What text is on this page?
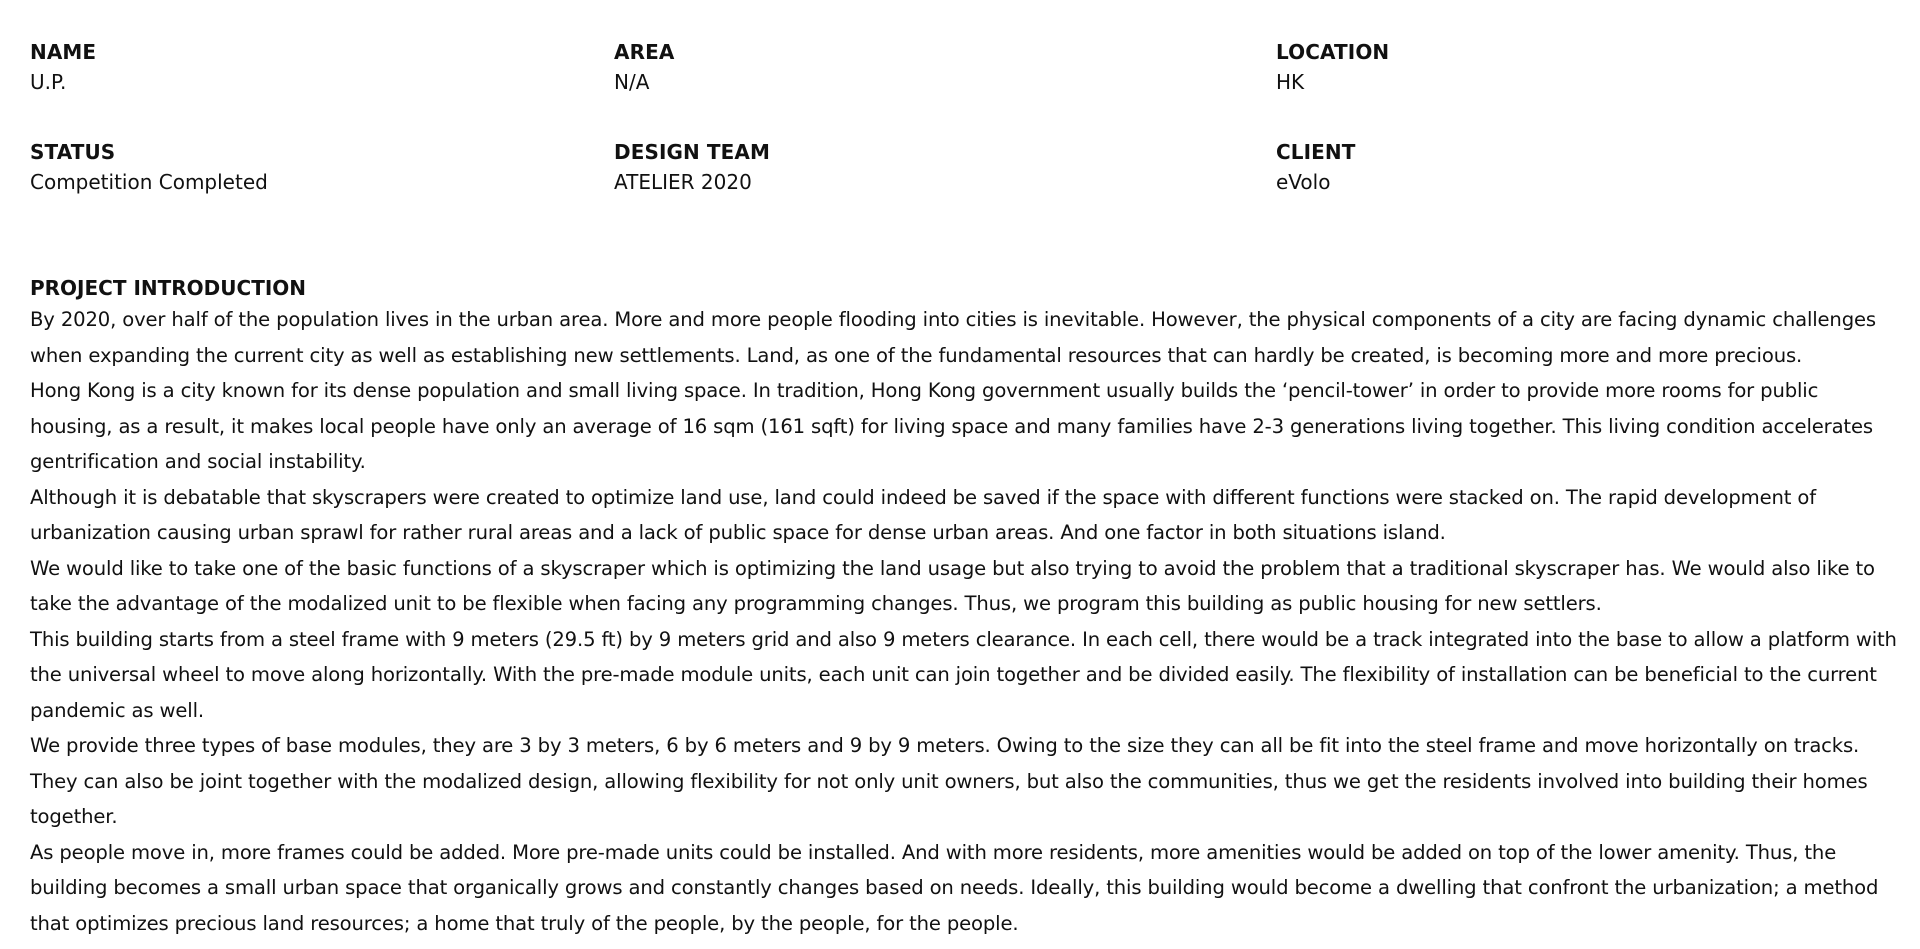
NAME
U.P.
AREA
N/A
LOCATION
HK
STATUS
Competition Completed
DESIGN TEAM
ATELIER 2020
CLIENT
eVolo
PROJECT INTRODUCTION

By 2020, over half of the population lives in the urban area. More and more people flooding into cities is inevitable. However, the physical components of a city are facing dynamic challenges when expanding the current city as well as establishing new settlements. Land, as one of the fundamental resources that can hardly be created, is becoming more and more precious.

Hong Kong is a city known for its dense population and small living space. In tradition, Hong Kong government usually builds the ‘pencil-tower’ in order to provide more rooms for public housing, as a result, it makes local people have only an average of 16 sqm (161 sqft) for living space and many families have 2-3 generations living together. This living condition accelerates gentrification and social instability.

Although it is debatable that skyscrapers were created to optimize land use, land could indeed be saved if the space with different functions were stacked on. The rapid development of urbanization causing urban sprawl for rather rural areas and a lack of public space for dense urban areas. And one factor in both situations island.

We would like to take one of the basic functions of a skyscraper which is optimizing the land usage but also trying to avoid the problem that a traditional skyscraper has. We would also like to take the advantage of the modalized unit to be flexible when facing any programming changes. Thus, we program this building as public housing for new settlers.

This building starts from a steel frame with 9 meters (29.5 ft) by 9 meters grid and also 9 meters clearance. In each cell, there would be a track integrated into the base to allow a platform with the universal wheel to move along horizontally. With the pre-made module units, each unit can join together and be divided easily. The flexibility of installation can be beneficial to the current pandemic as well.

We provide three types of base modules, they are 3 by 3 meters, 6 by 6 meters and 9 by 9 meters. Owing to the size they can all be fit into the steel frame and move horizontally on tracks. They can also be joint together with the modalized design, allowing flexibility for not only unit owners, but also the communities, thus we get the residents involved into building their homes together.

As people move in, more frames could be added. More pre-made units could be installed. And with more residents, more amenities would be added on top of the lower amenity. Thus, the building becomes a small urban space that organically grows and constantly changes based on needs. Ideally, this building would become a dwelling that confront the urbanization; a method that optimizes precious land resources; a home that truly of the people, by the people, for the people.
